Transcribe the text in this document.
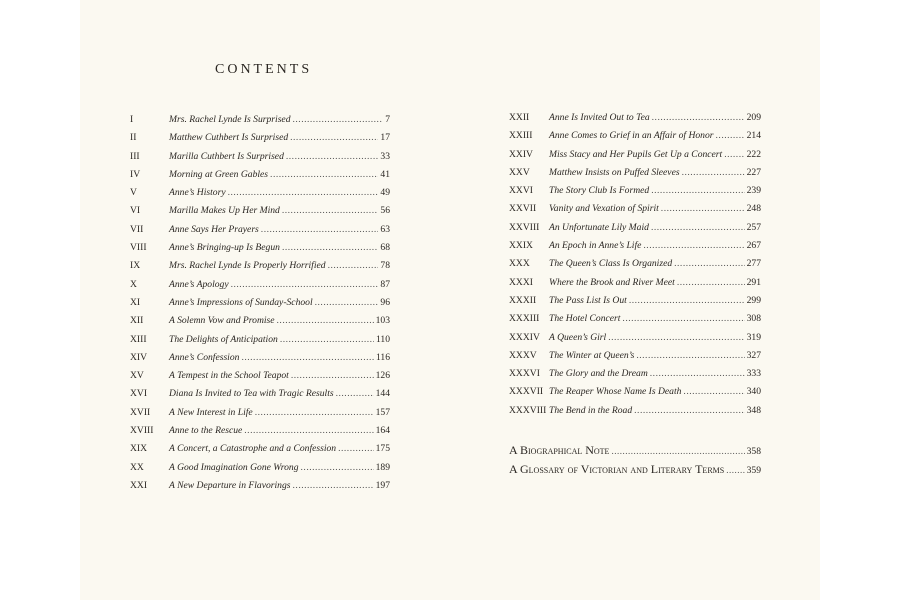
CONTENTS
I	Mrs. Rachel Lynde Is Surprised .....	7
II	Matthew Cuthbert Is Surprised .....	17
III	Marilla Cuthbert Is Surprised .....	33
IV	Morning at Green Gables .....	41
V	Anne’s History .....	49
VI	Marilla Makes Up Her Mind .....	56
VII	Anne Says Her Prayers .....	63
VIII	Anne’s Bringing-up Is Begun .....	68
IX	Mrs. Rachel Lynde Is Properly Horrified .....	78
X	Anne’s Apology .....	87
XI	Anne’s Impressions of Sunday-School .....	96
XII	A Solemn Vow and Promise .....	103
XIII	The Delights of Anticipation .....	110
XIV	Anne’s Confession .....	116
XV	A Tempest in the School Teapot .....	126
XVI	Diana Is Invited to Tea with Tragic Results .....	144
XVII	A New Interest in Life .....	157
XVIII	Anne to the Rescue .....	164
XIX	A Concert, a Catastrophe and a Confession .....	175
XX	A Good Imagination Gone Wrong .....	189
XXI	A New Departure in Flavorings .....	197
XXII	Anne Is Invited Out to Tea .....	209
XXIII	Anne Comes to Grief in an Affair of Honor .....	214
XXIV	Miss Stacy and Her Pupils Get Up a Concert .....	222
XXV	Matthew Insists on Puffed Sleeves .....	227
XXVI	The Story Club Is Formed .....	239
XXVII	Vanity and Vexation of Spirit .....	248
XXVIII	An Unfortunate Lily Maid .....	257
XXIX	An Epoch in Anne’s Life .....	267
XXX	The Queen’s Class Is Organized .....	277
XXXI	Where the Brook and River Meet .....	291
XXXII	The Pass List Is Out .....	299
XXXIII	The Hotel Concert .....	308
XXXIV A Queen’s Girl .....	319
XXXV	The Winter at Queen’s .....	327
XXXVI The Glory and the Dream .....	333
XXXVII The Reaper Whose Name Is Death .....	340
XXXVIII The Bend in the Road .....	348
A Biographical Note .....	358
A Glossary of Victorian and Literary Terms ..... 359
